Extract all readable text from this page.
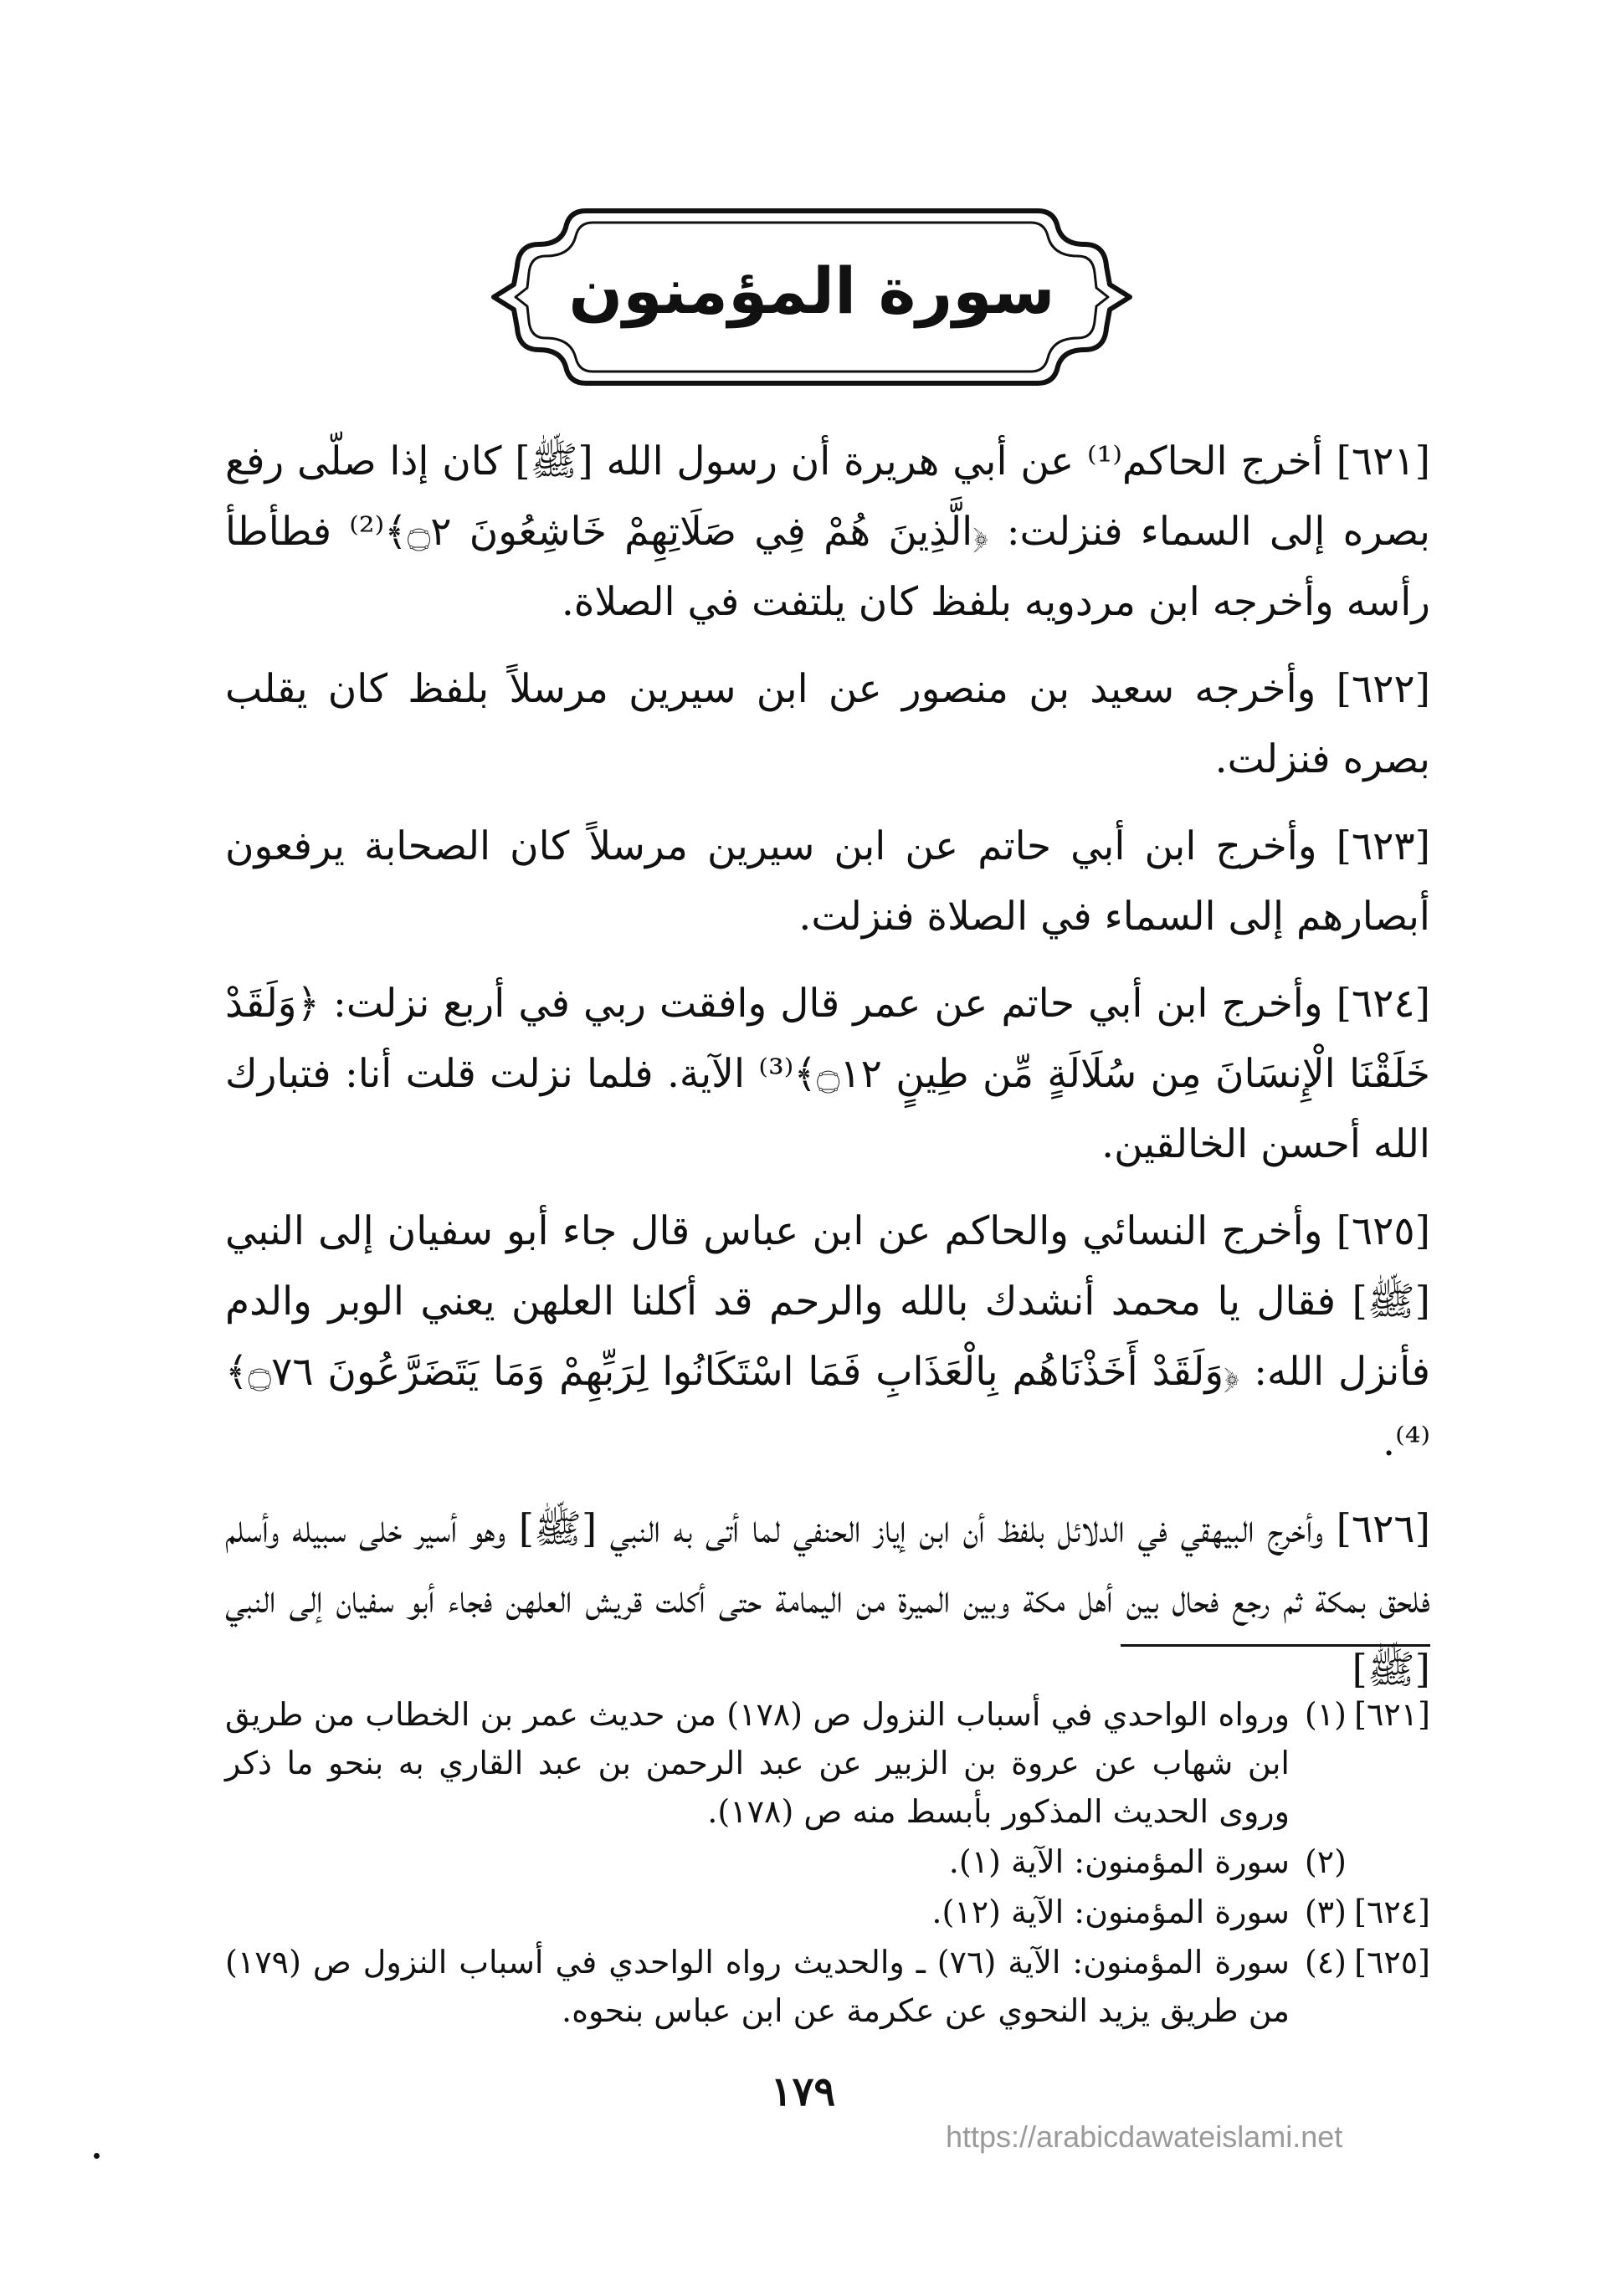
سورة المؤمنون

[٦٢١] أخرج الحاكم⁽¹⁾ عن أبي هريرة أن رسول الله [ﷺ] كان إذا صلّى رفع بصره إلى السماء فنزلت: ﴿الَّذِينَ هُمْ فِي صَلَاتِهِمْ خَاشِعُونَ ۝٢﴾⁽²⁾ فطأطأ رأسه وأخرجه ابن مردويه بلفظ كان يلتفت في الصلاة.

[٦٢٢] وأخرجه سعيد بن منصور عن ابن سيرين مرسلاً بلفظ كان يقلب بصره فنزلت.

[٦٢٣] وأخرج ابن أبي حاتم عن ابن سيرين مرسلاً كان الصحابة يرفعون أبصارهم إلى السماء في الصلاة فنزلت.

[٦٢٤] وأخرج ابن أبي حاتم عن عمر قال وافقت ربي في أربع نزلت: ﴿وَلَقَدْ خَلَقْنَا الْإِنسَانَ مِن سُلَالَةٍ مِّن طِينٍ ۝١٢﴾⁽³⁾ الآية. فلما نزلت قلت أنا: فتبارك الله أحسن الخالقين.

[٦٢٥] وأخرج النسائي والحاكم عن ابن عباس قال جاء أبو سفيان إلى النبي [ﷺ] فقال يا محمد أنشدك بالله والرحم قد أكلنا العلهن يعني الوبر والدم فأنزل الله: ﴿وَلَقَدْ أَخَذْنَاهُم بِالْعَذَابِ فَمَا اسْتَكَانُوا لِرَبِّهِمْ وَمَا يَتَضَرَّعُونَ ۝٧٦﴾⁽⁴⁾.

[٦٢٦] وأخرج البيهقي في الدلائل بلفظ أن ابن إياز الحنفي لما أتى به النبي [ﷺ] وهو أسير خلى سبيله وأسلم فلحق بمكة ثم رجع فحال بين أهل مكة وبين الميرة من اليمامة حتى أكلت قريش العلهن فجاء أبو سفيان إلى النبي [ﷺ]

[٦٢١]
(١)
ورواه الواحدي في أسباب النزول ص (١٧٨) من حديث عمر بن الخطاب من طريق ابن شهاب عن عروة بن الزبير عن عبد الرحمن بن عبد القاري به بنحو ما ذكر وروى الحديث المذكور بأبسط منه ص (١٧٨).
(٢)
سورة المؤمنون: الآية (١).
[٦٢٤]
(٣)
سورة المؤمنون: الآية (١٢).
[٦٢٥]
(٤)
سورة المؤمنون: الآية (٧٦) ـ والحديث رواه الواحدي في أسباب النزول ص (١٧٩) من طريق يزيد النحوي عن عكرمة عن ابن عباس بنحوه.
١٧٩
https://arabicdawateislami.net
